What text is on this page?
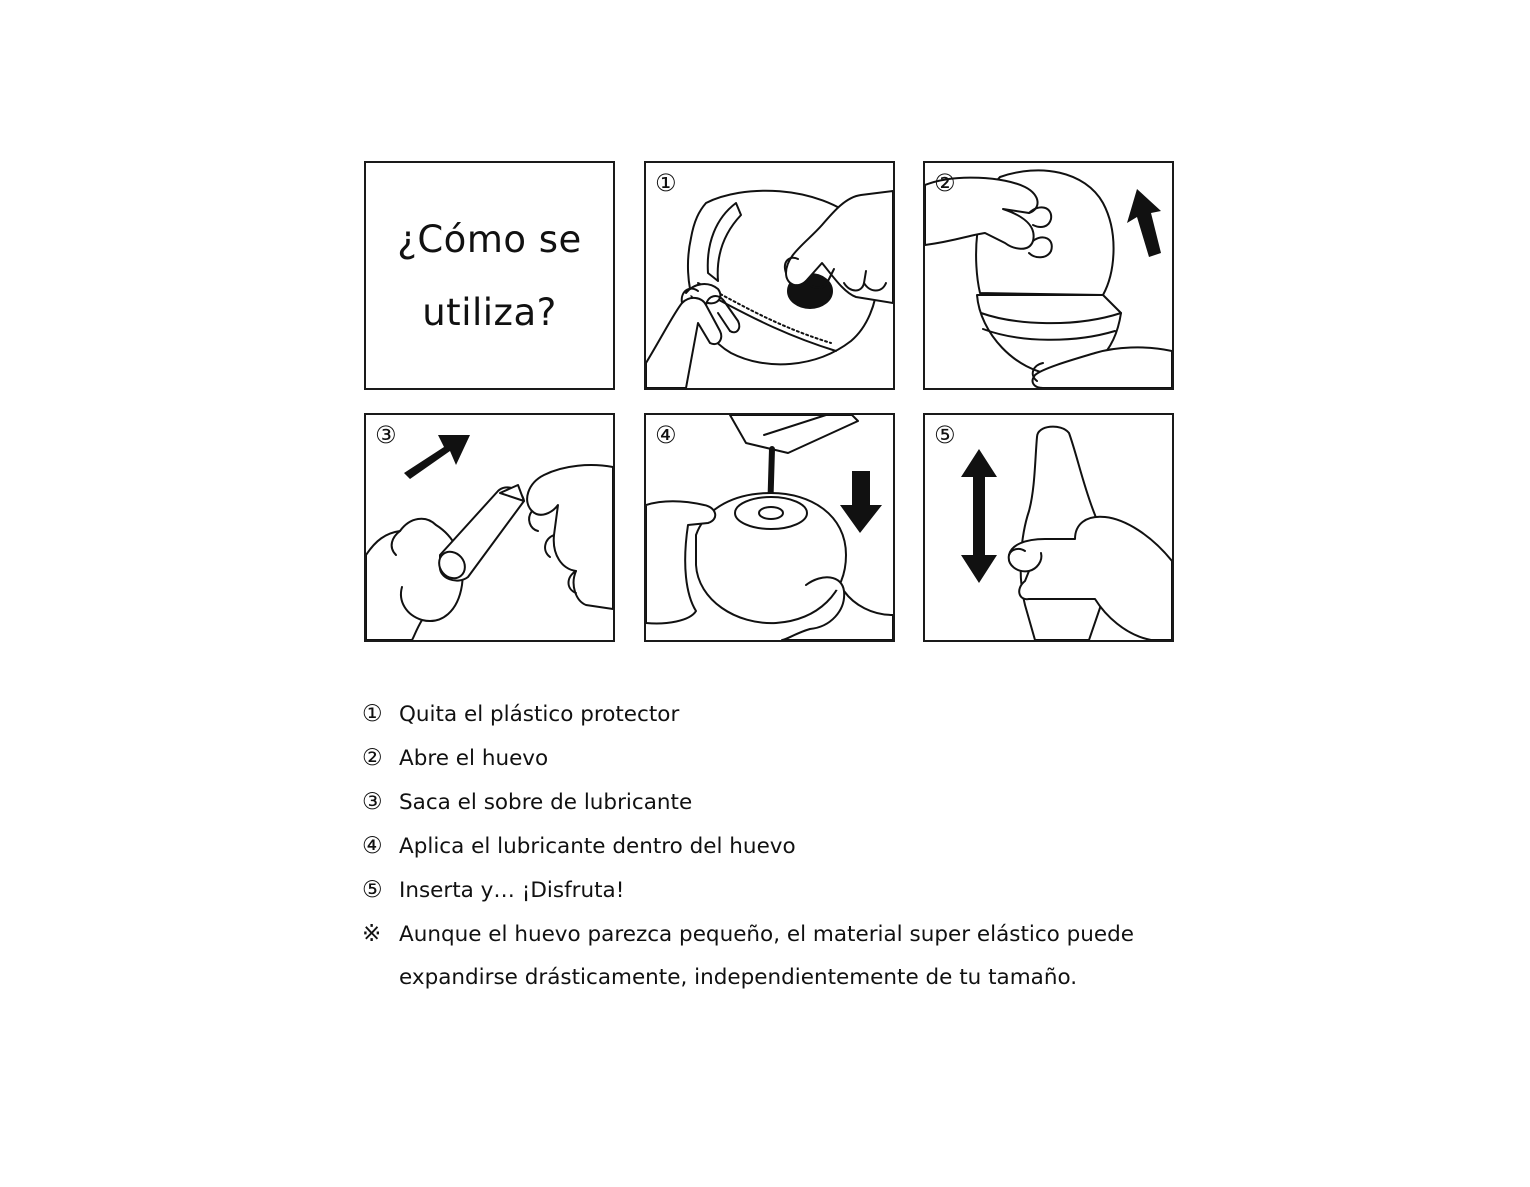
¿Cómo se
utiliza?
①	②
③	④	⑤
① Quita el plástico protector
② Abre el huevo
③ Saca el sobre de lubricante
④ Aplica el lubricante dentro del huevo
⑤ Inserta y… ¡Disfruta!
※ Aunque el huevo parezca pequeño, el material super elástico puede
expandirse drásticamente, independientemente de tu tamaño.
